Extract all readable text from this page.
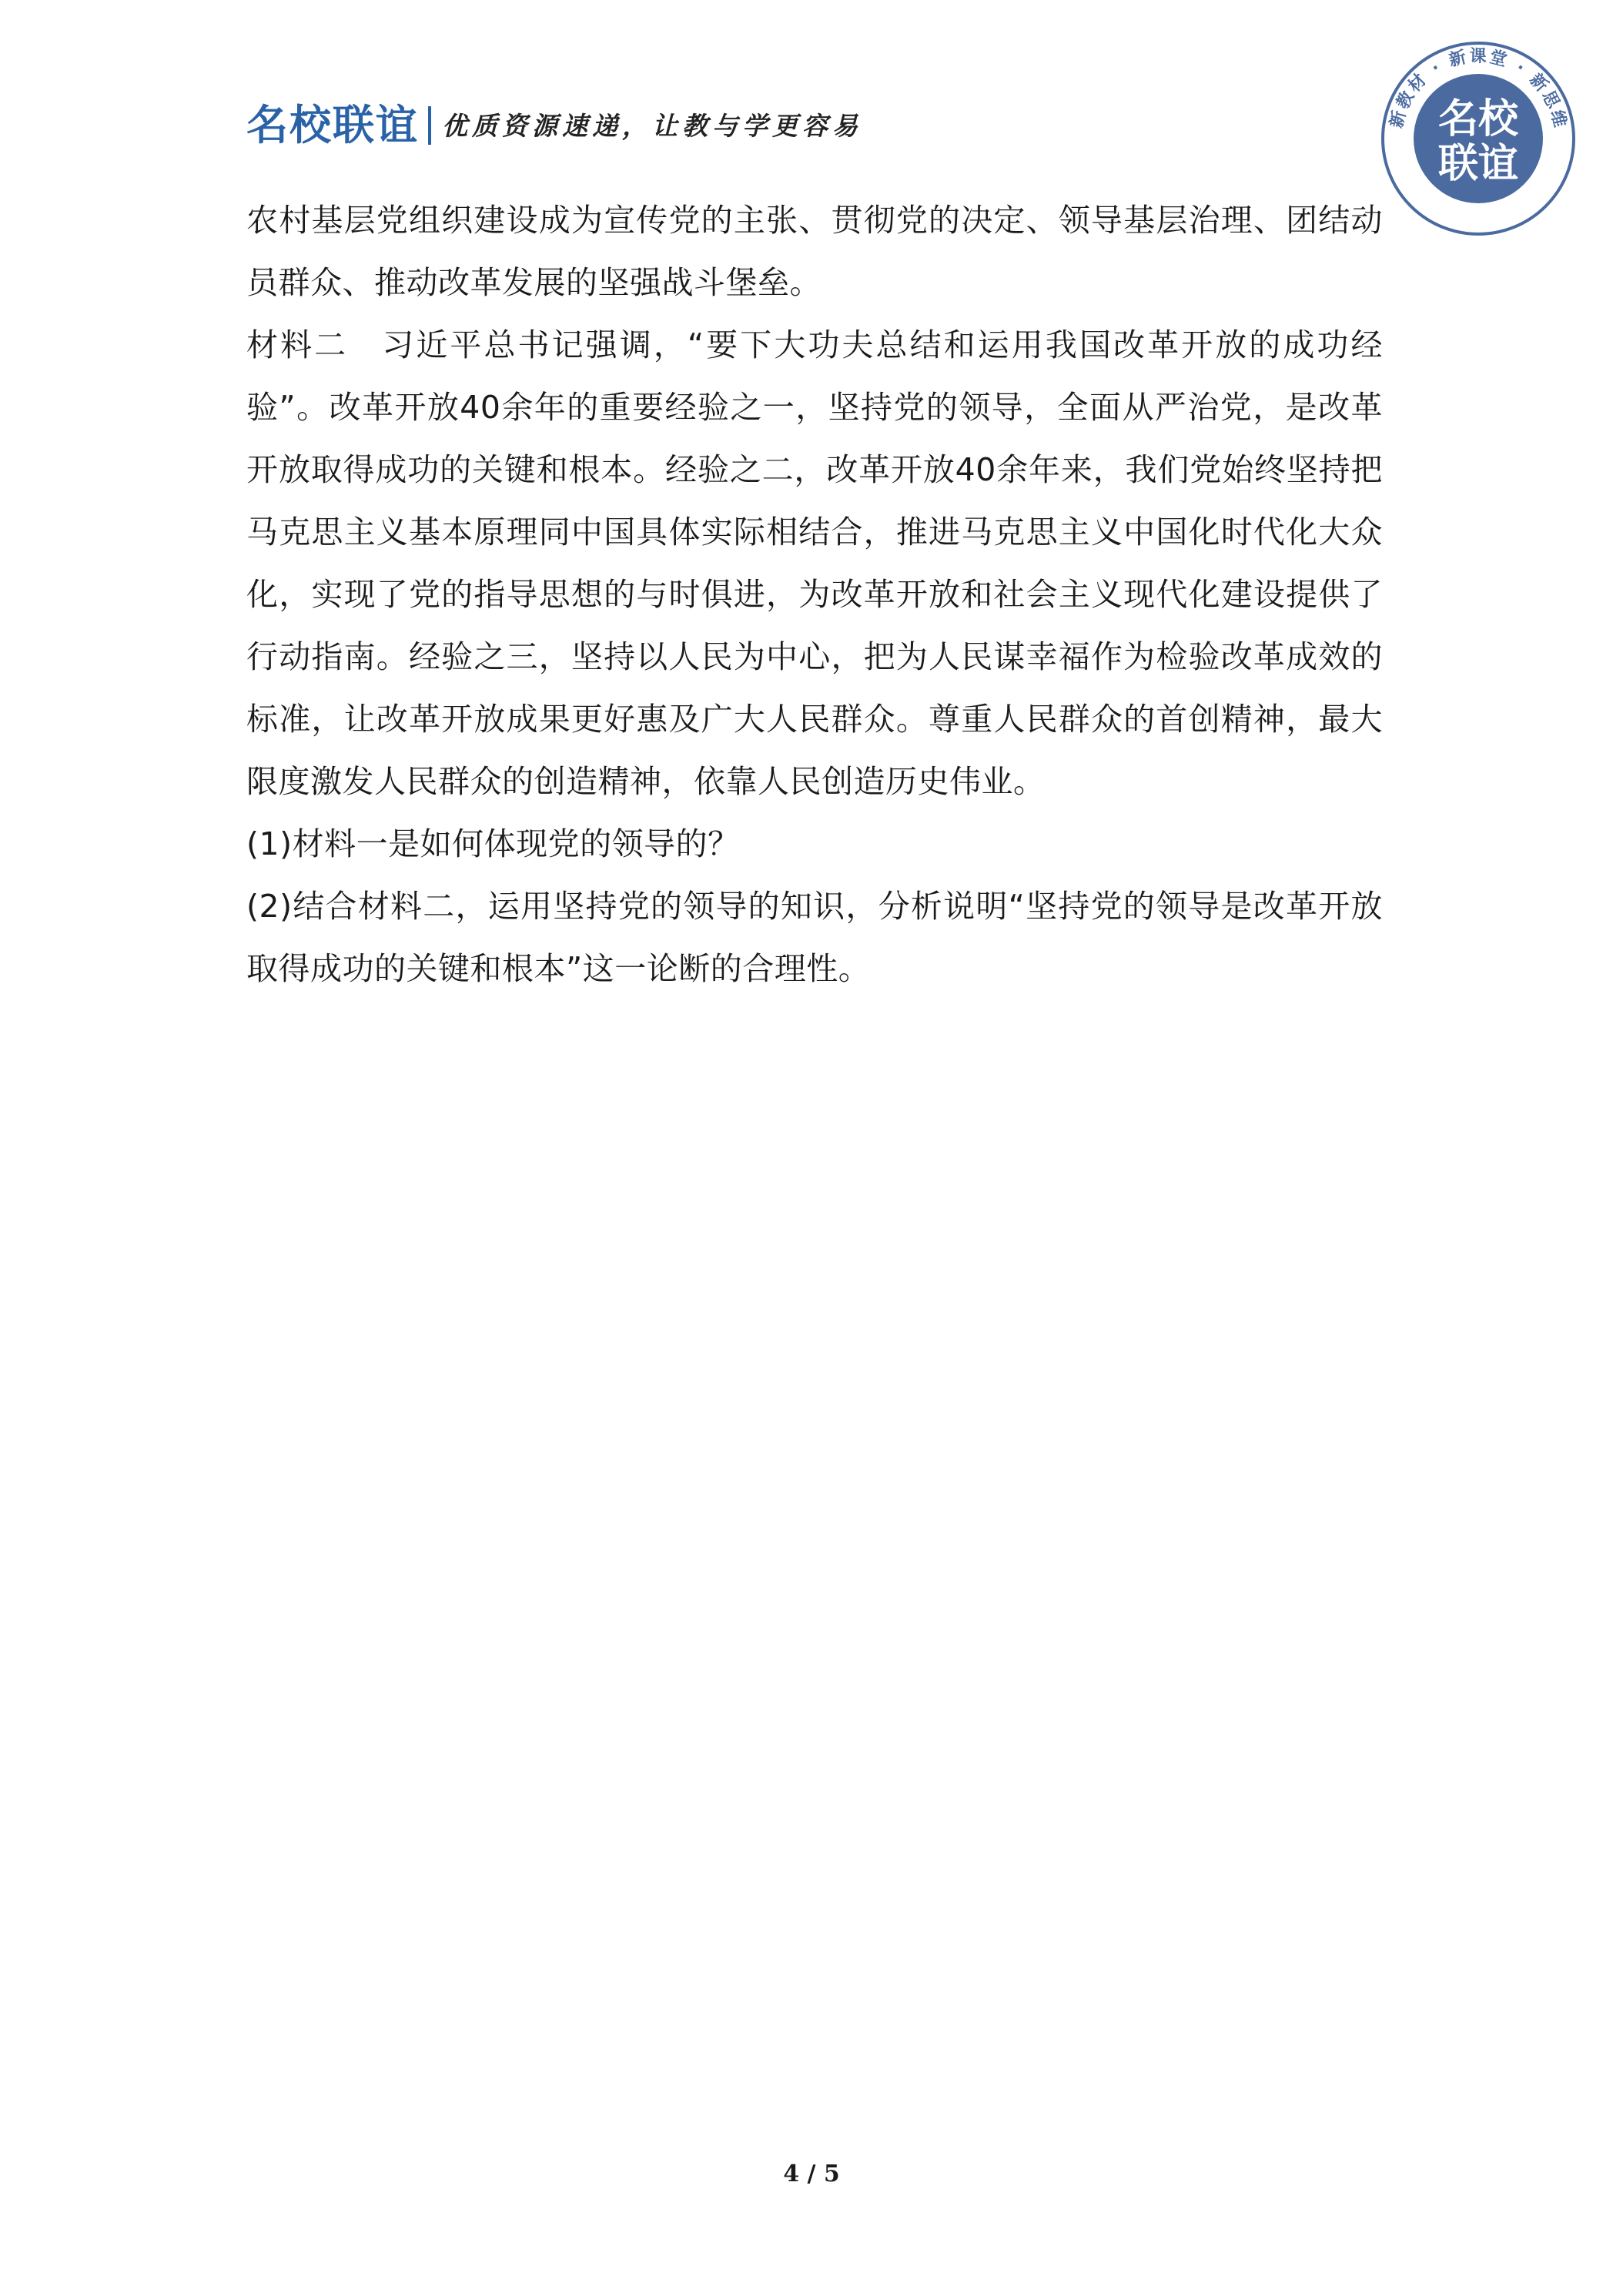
名校联谊 优质资源速递，让教与学更容易	新教材 · 新课堂 · 新思维
名校
联谊

农村基层党组织建设成为宣传党的主张、贯彻党的决定、领导基层治理、团结动员群众、推动改革发展的坚强战斗堡垒。

材料二　习近平总书记强调，“要下大功夫总结和运用我国改革开放的成功经验”。改革开放40余年的重要经验之一，坚持党的领导，全面从严治党，是改革开放取得成功的关键和根本。经验之二，改革开放40余年来，我们党始终坚持把马克思主义基本原理同中国具体实际相结合，推进马克思主义中国化时代化大众化，实现了党的指导思想的与时俱进，为改革开放和社会主义现代化建设提供了行动指南。经验之三，坚持以人民为中心，把为人民谋幸福作为检验改革成效的标准，让改革开放成果更好惠及广大人民群众。尊重人民群众的首创精神，最大限度激发人民群众的创造精神，依靠人民创造历史伟业。

(1)材料一是如何体现党的领导的？

(2)结合材料二，运用坚持党的领导的知识，分析说明“坚持党的领导是改革开放取得成功的关键和根本”这一论断的合理性。

4 / 5
